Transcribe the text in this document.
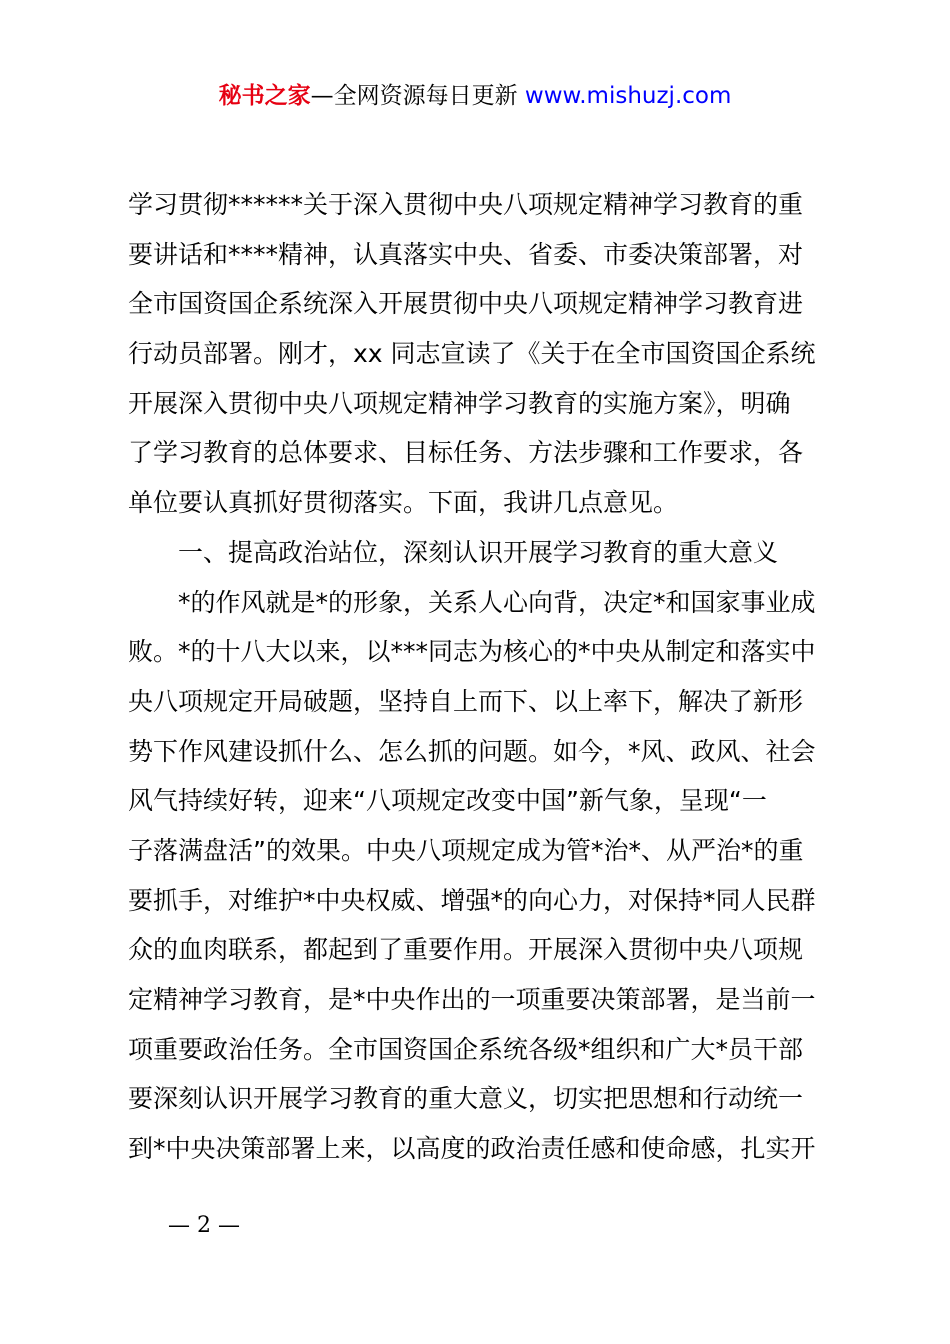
秘书之家—全网资源每日更新 www.mishuzj.com
学习贯彻******关于深入贯彻中央八项规定精神学习教育的重
要讲话和****精神，认真落实中央、省委、市委决策部署，对
全市国资国企系统深入开展贯彻中央八项规定精神学习教育进
行动员部署。刚才，xx 同志宣读了《关于在全市国资国企系统
开展深入贯彻中央八项规定精神学习教育的实施方案》，明确
了学习教育的总体要求、目标任务、方法步骤和工作要求，各
单位要认真抓好贯彻落实。下面，我讲几点意见。
一、提高政治站位，深刻认识开展学习教育的重大意义
*的作风就是*的形象，关系人心向背，决定*和国家事业成
败。*的十八大以来，以***同志为核心的*中央从制定和落实中
央八项规定开局破题，坚持自上而下、以上率下，解决了新形
势下作风建设抓什么、怎么抓的问题。如今，*风、政风、社会
风气持续好转，迎来“八项规定改变中国”新气象，呈现“一
子落满盘活”的效果。中央八项规定成为管*治*、从严治*的重
要抓手，对维护*中央权威、增强*的向心力，对保持*同人民群
众的血肉联系，都起到了重要作用。开展深入贯彻中央八项规
定精神学习教育，是*中央作出的一项重要决策部署，是当前一
项重要政治任务。全市国资国企系统各级*组织和广大*员干部
要深刻认识开展学习教育的重大意义，切实把思想和行动统一
到*中央决策部署上来，以高度的政治责任感和使命感，扎实开
— 2 —
